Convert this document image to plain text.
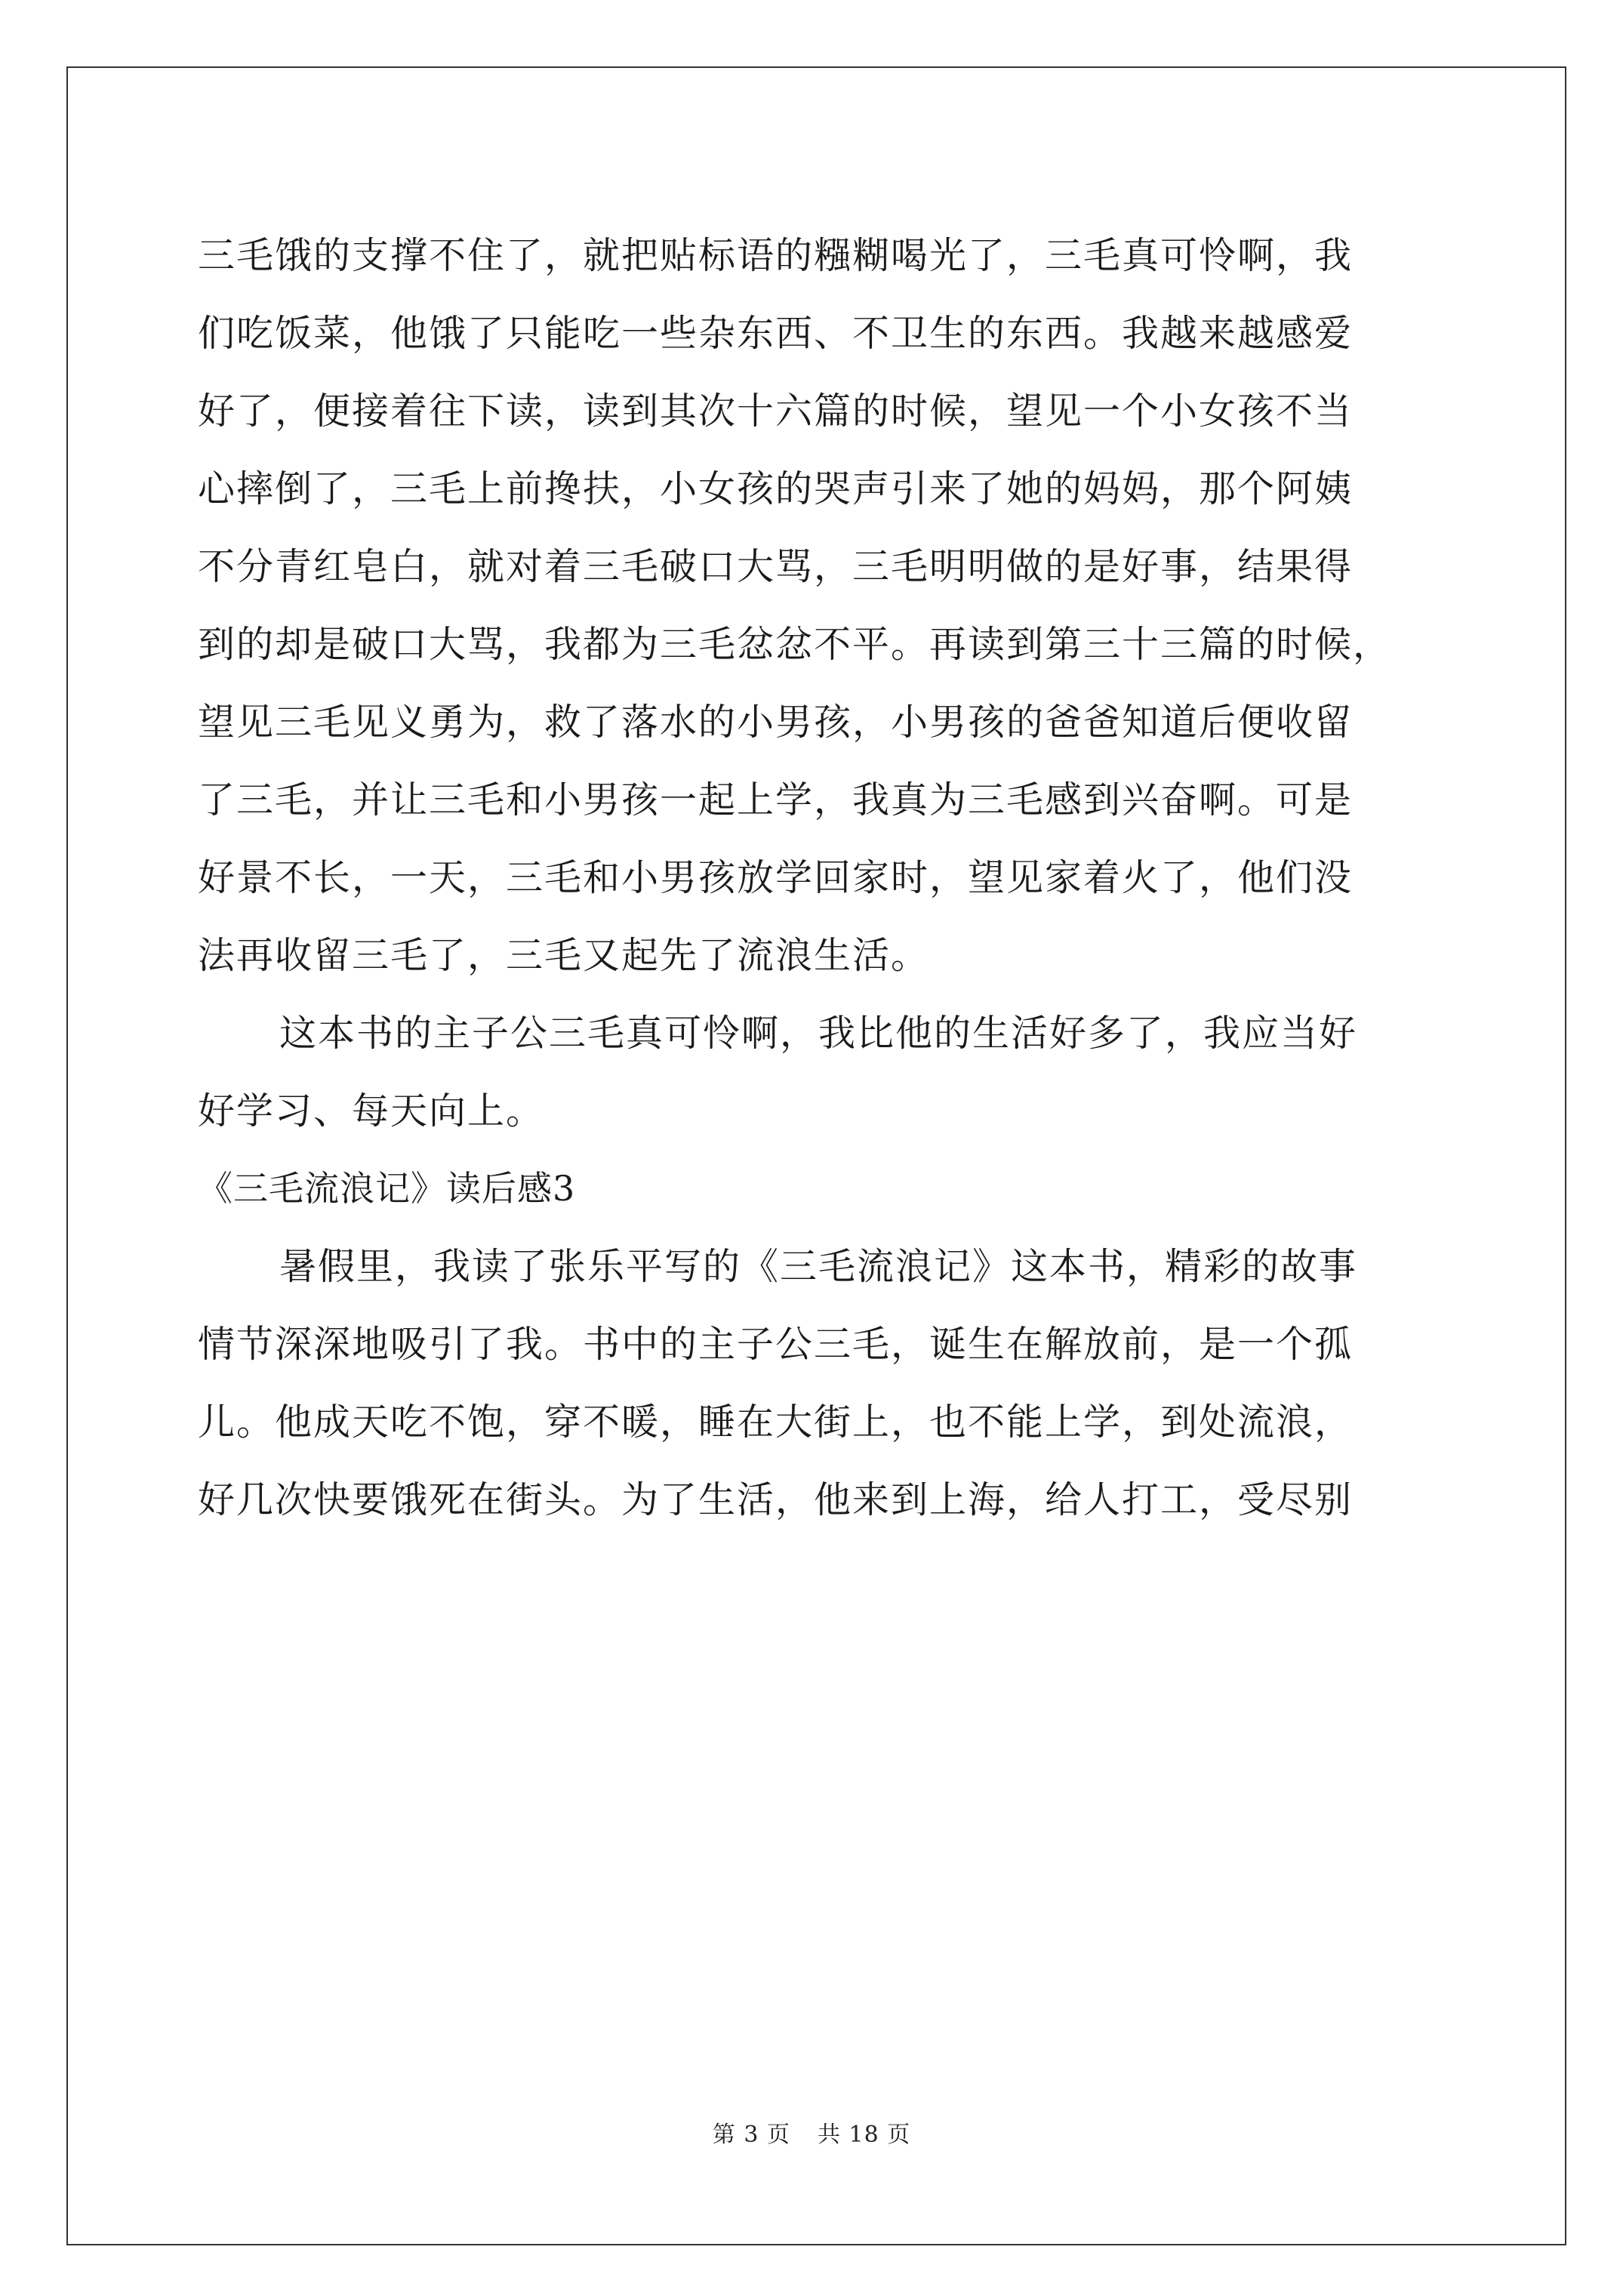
三毛饿的支撑不住了，就把贴标语的糨糊喝光了，三毛真可怜啊，我
们吃饭菜，他饿了只能吃一些杂东西、不卫生的东西。我越来越感爱
好了，便接着往下读，读到其次十六篇的时候，望见一个小女孩不当
心摔倒了，三毛上前搀扶，小女孩的哭声引来了她的妈妈，那个阿姨
不分青红皂白，就对着三毛破口大骂，三毛明明做的是好事，结果得
到的却是破口大骂，我都为三毛忿忿不平。再读到第三十三篇的时候，
望见三毛见义勇为，救了落水的小男孩，小男孩的爸爸知道后便收留
了三毛，并让三毛和小男孩一起上学，我真为三毛感到兴奋啊。可是
好景不长，一天，三毛和小男孩放学回家时，望见家着火了，他们没
法再收留三毛了，三毛又起先了流浪生活。
这本书的主子公三毛真可怜啊，我比他的生活好多了，我应当好
好学习、每天向上。
《三毛流浪记》读后感3
暑假里，我读了张乐平写的《三毛流浪记》这本书，精彩的故事
情节深深地吸引了我。书中的主子公三毛，诞生在解放前，是一个孤
儿。他成天吃不饱，穿不暖，睡在大街上，也不能上学，到处流浪，
好几次快要饿死在街头。为了生活，他来到上海，给人打工，受尽别
第 3 页 共 18 页
